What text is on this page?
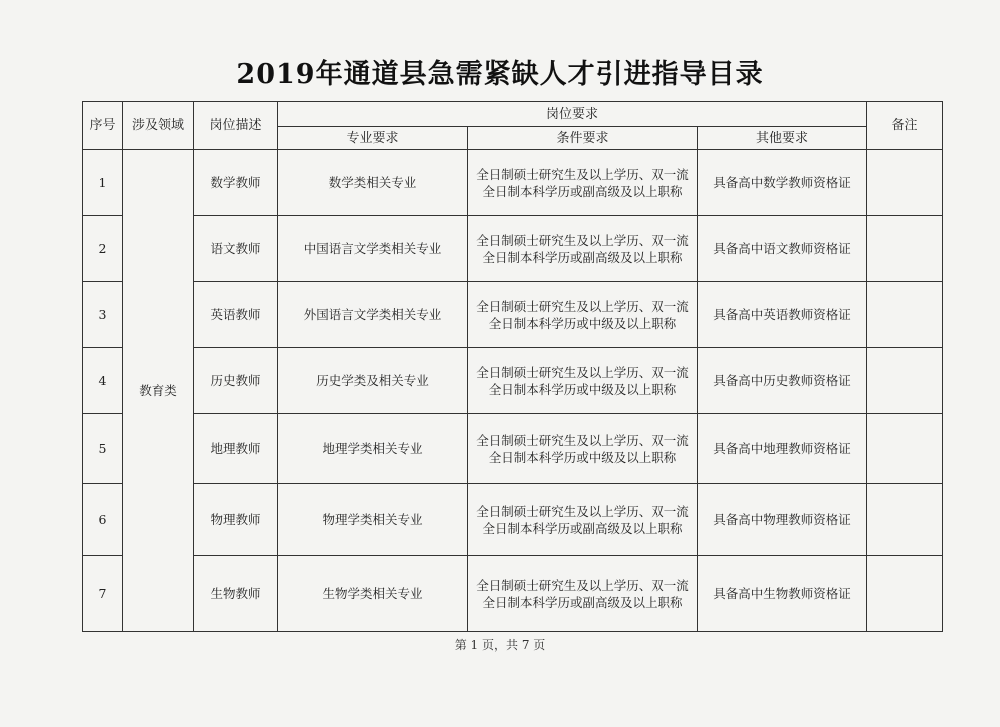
2019年通道县急需紧缺人才引进指导目录
序号	涉及领域	岗位描述	岗位要求			备注
			专业要求	条件要求	其他要求	
1	教育类	数学教师	数学类相关专业	全日制硕士研究生及以上学历、双一流
全日制本科学历或副高级及以上职称	具备高中数学教师资格证	
2		语文教师	中国语言文学类相关专业	全日制硕士研究生及以上学历、双一流
全日制本科学历或副高级及以上职称	具备高中语文教师资格证	
3		英语教师	外国语言文学类相关专业	全日制硕士研究生及以上学历、双一流
全日制本科学历或中级及以上职称	具备高中英语教师资格证	
4		历史教师	历史学类及相关专业	全日制硕士研究生及以上学历、双一流
全日制本科学历或中级及以上职称	具备高中历史教师资格证	
5		地理教师	地理学类相关专业	全日制硕士研究生及以上学历、双一流
全日制本科学历或中级及以上职称	具备高中地理教师资格证	
6		物理教师	物理学类相关专业	全日制硕士研究生及以上学历、双一流
全日制本科学历或副高级及以上职称	具备高中物理教师资格证	
7		生物教师	生物学类相关专业	全日制硕士研究生及以上学历、双一流
全日制本科学历或副高级及以上职称	具备高中生物教师资格证	
第 1 页，共 7 页
